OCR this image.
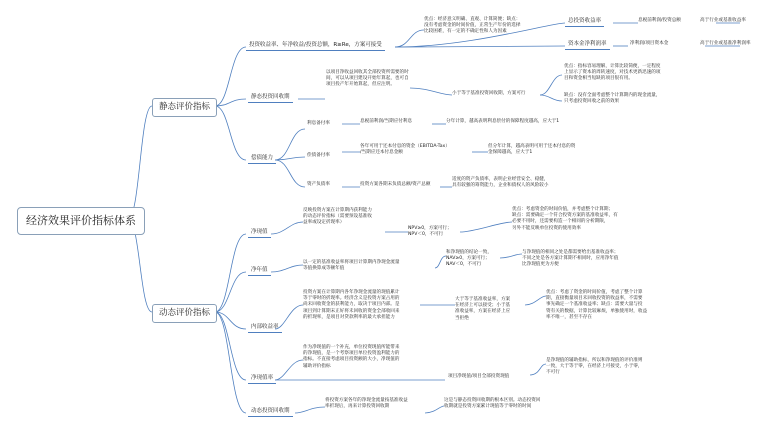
经济效果评价指标体系
静态评价指标
动态评价指标
投资收益率、年净收益/投资总额，R≥Re，方案可接受
优点：经济意义明确、直观、计算简便；缺点：
没有考虑资金的时间价值，正常生产年份的选择
比较困难，有一定的不确定性和人为因素
总投资收益率	息税前利润/投资总额	高于行业或基准收益率
资本金净利润率	净利润/项目资本金	高于行业或基准净利润率
静态投资回收期
以项目净收益回收其全部投资所需要的时
间，可以从项目建设开始年算起，也可自
项目投产年开始算起，但应注明。
小于等于基准投资回收期，方案可行
优点：指标容易理解，计算比较简便，一定程度
上显示了资本的周转速度，对技术更新迅速的项
目和资金相当短缺的项目很有用。
缺点：没有全面考虑整个计算期内的现金流量，
只考虑投资回收之前的效果
偿债能力
利息备付率	息税前利润/当期应付利息	分年计算，越高表明利息偿付的保障程度越高，应大于1
偿债备付率
各年可用于还本付息的资金（EBITDA-Tax）
/当期应还本付息金额
但分年计算，越高表明可用于还本付息的资
金保障越高，应大于1
资产负债率	投资方案各期末负债总额/资产总额
适度的资产负债率，表明企业经营安全、稳健，
具有较强的筹资能力，企业和债权人的风险较小
净现值
反映投资方案在计算期内获利能力
的动态评价指标（需要预设基准收
益率或设定折现率）
NPV≥0，方案可行；
NPV＜0，不可行
优点：考虑资金的时间价值，并考虑整个计算期；
缺点：需要确定一个符合投资方案的基准收益率，有
必要不用时，还需要构造一个相同的分析期限，
另外不能反映单位投资的使用效率
净年值
以一定的基准收益率将项目计算期内净现金流量
等值换算成等额年值
和净现值的结论一致，
NAV≥0，方案可行；
NAV＜0，不可行
与净现值的相同之处是都需要给出基准收益率；
不同之处是各方案计算期不相同时，应用净年值
比净现值更为方便
内部收益率
投资方案在计算期内各年净现金流量的现值累计
等于零时的折现率。经济含义是投资方案占用的
尚未回收资金的获利能力，取决于项目内部。是
项目到计算期末正好将未回收的资金全部收回来
的折现率，是项目对贷款利率的最大承担能力
大于等于基准收益率，方案
在经济上可以接受；小于基
准收益率，方案在经济上应
当拒绝
优点：考虑了资金的时间价值，考虑了整个计算
期，直接衡量项目未回收投资的收益率，不需要
事先确定一个基准收益率；缺点：需要大量与投
资有关的数据，计算比较麻烦，单独使用时，收益
率不唯一，甚至不存在
净现值率
作为净现值的一个补充，单位投资现值所能带来
的净现值，是一个考察项目单位投资盈利能力的
指标。不直接考虑项目投资额的大小，净现值的
辅助评价指标
项目净现值/项目全部投资现值
是净现值的辅助指标，所以和净现值的评价准则
一致，大于等于零，在经济上可接受，小于零，
不可行
动态投资回收期
将投资方案各年的净现金流量按基准收益
率折现后，再来计算投资回收期
这是与静态投资回收期的根本区别。动态投资回
收期就是投资方案累计现值等于零时的时间
